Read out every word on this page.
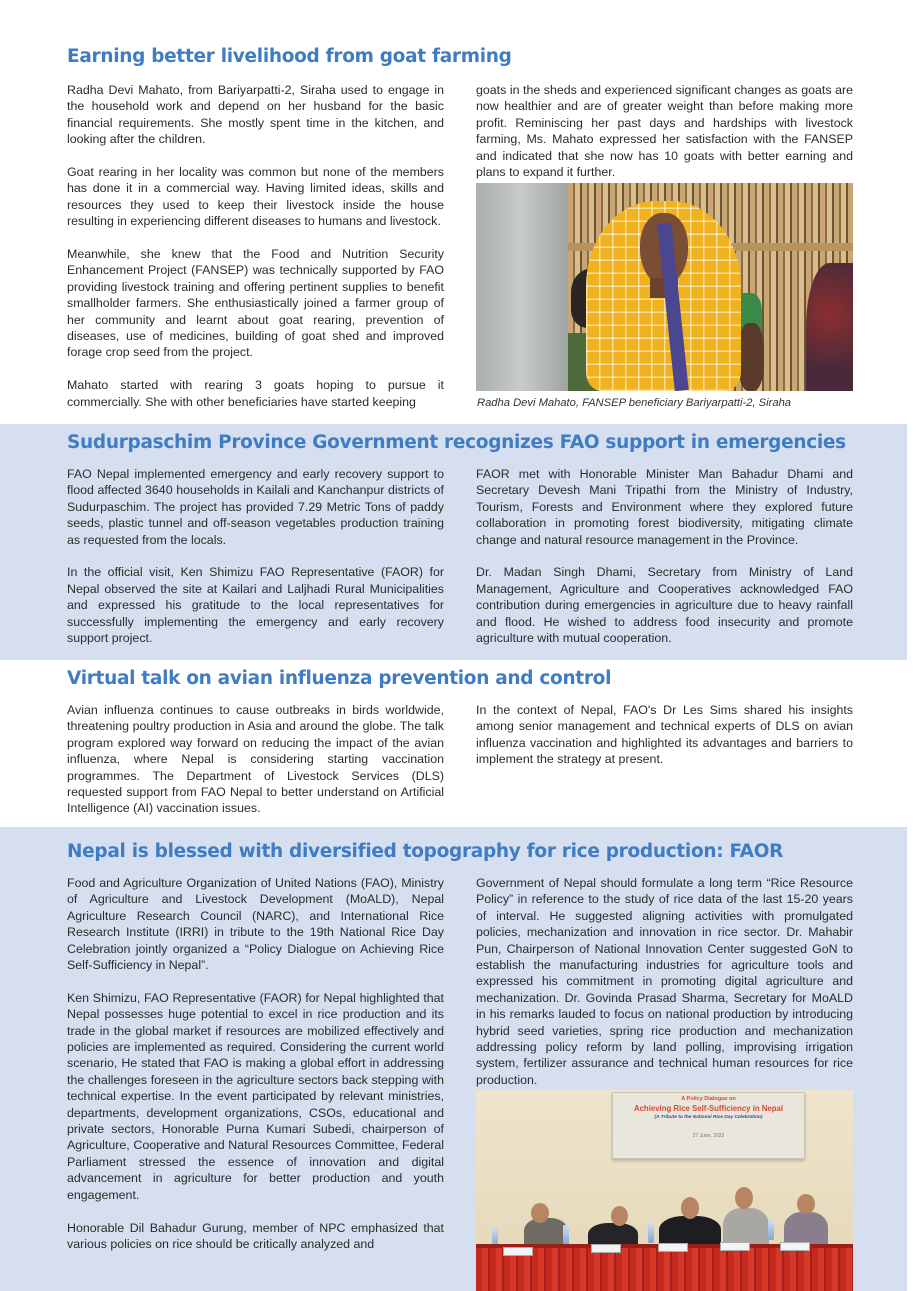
Earning better livelihood from goat farming

Radha Devi Mahato, from Bariyarpatti-2, Siraha used to engage in the household work and depend on her husband for the basic financial requirements. She mostly spent time in the kitchen, and looking after the children.

Goat rearing in her locality was common but none of the members has done it in a commercial way. Having limited ideas, skills and resources they used to keep their livestock inside the house resulting in experiencing different diseases to humans and livestock.

Meanwhile, she knew that the Food and Nutrition Security Enhancement Project (FANSEP) was technically supported by FAO providing livestock training and offering pertinent supplies to benefit smallholder farmers. She enthusiastically joined a farmer group of her community and learnt about goat rearing, prevention of diseases, use of medicines, building of goat shed and improved forage crop seed from the project.

Mahato started with rearing 3 goats hoping to pursue it commercially. She with other beneficiaries have started keeping

goats in the sheds and experienced significant changes as goats are now healthier and are of greater weight than before making more profit. Reminiscing her past days and hardships with livestock farming, Ms. Mahato expressed her satisfaction with the FANSEP and indicated that she now has 10 goats with better earning and plans to expand it further.

Radha Devi Mahato, FANSEP beneficiary Bariyarpatti-2, Siraha
Sudurpaschim Province Government recognizes FAO support in emergencies

FAO Nepal implemented emergency and early recovery support to flood affected 3640 households in Kailali and Kanchanpur districts of Sudurpaschim. The project has provided 7.29 Metric Tons of paddy seeds, plastic tunnel and off-season vegetables production training as requested from the locals.

In the official visit, Ken Shimizu FAO Representative (FAOR) for Nepal observed the site at Kailari and Laljhadi Rural Municipalities and expressed his gratitude to the local representatives for successfully implementing the emergency and early recovery support project.

FAOR met with Honorable Minister Man Bahadur Dhami and Secretary Devesh Mani Tripathi from the Ministry of Industry, Tourism, Forests and Environment where they explored future collaboration in promoting forest biodiversity, mitigating climate change and natural resource management in the Province.

Dr. Madan Singh Dhami, Secretary from Ministry of Land Management, Agriculture and Cooperatives acknowledged FAO contribution during emergencies in agriculture due to heavy rainfall and flood. He wished to address food insecurity and promote agriculture with mutual cooperation.

Virtual talk on avian influenza prevention and control

Avian influenza continues to cause outbreaks in birds worldwide, threatening poultry production in Asia and around the globe. The talk program explored way forward on reducing the impact of the avian influenza, where Nepal is considering starting vaccination programmes. The Department of Livestock Services (DLS) requested support from FAO Nepal to better understand on Artificial Intelligence (AI) vaccination issues.

In the context of Nepal, FAO's Dr Les Sims shared his insights among senior management and technical experts of DLS on avian influenza vaccination and highlighted its advantages and barriers to implement the strategy at present.

Nepal is blessed with diversified topography for rice production: FAOR

Food and Agriculture Organization of United Nations (FAO), Ministry of Agriculture and Livestock Development (MoALD), Nepal Agriculture Research Council (NARC), and International Rice Research Institute (IRRI) in tribute to the 19th National Rice Day Celebration jointly organized a “Policy Dialogue on Achieving Rice Self-Sufficiency in Nepal”.

Ken Shimizu, FAO Representative (FAOR) for Nepal highlighted that Nepal possesses huge potential to excel in rice production and its trade in the global market if resources are mobilized effectively and policies are implemented as required. Considering the current world scenario, He stated that FAO is making a global effort in addressing the challenges foreseen in the agriculture sectors back stepping with technical expertise. In the event participated by relevant ministries, departments, development organizations, CSOs, educational and private sectors, Honorable Purna Kumari Subedi, chairperson of Agriculture, Cooperative and Natural Resources Committee, Federal Parliament stressed the essence of innovation and digital advancement in agriculture for better production and youth engagement.

Honorable Dil Bahadur Gurung, member of NPC emphasized that various policies on rice should be critically analyzed and

Government of Nepal should formulate a long term “Rice Resource Policy” in reference to the study of rice data of the last 15-20 years of interval. He suggested aligning activities with promulgated policies, mechanization and innovation in rice sector. Dr. Mahabir Pun, Chairperson of National Innovation Center suggested GoN to establish the manufacturing industries for agriculture tools and expressed his commitment in promoting digital agriculture and mechanization. Dr. Govinda Prasad Sharma, Secretary for MoALD in his remarks lauded to focus on national production by introducing hybrid seed varieties, spring rice production and mechanization addressing policy reform by land polling, improvising irrigation system, fertilizer assurance and technical human resources for rice production.

A Policy Dialogue on
Achieving Rice Self-Sufficiency in Nepal
(A Tribute to the National Rice Day Celebration)
27 June, 2022
